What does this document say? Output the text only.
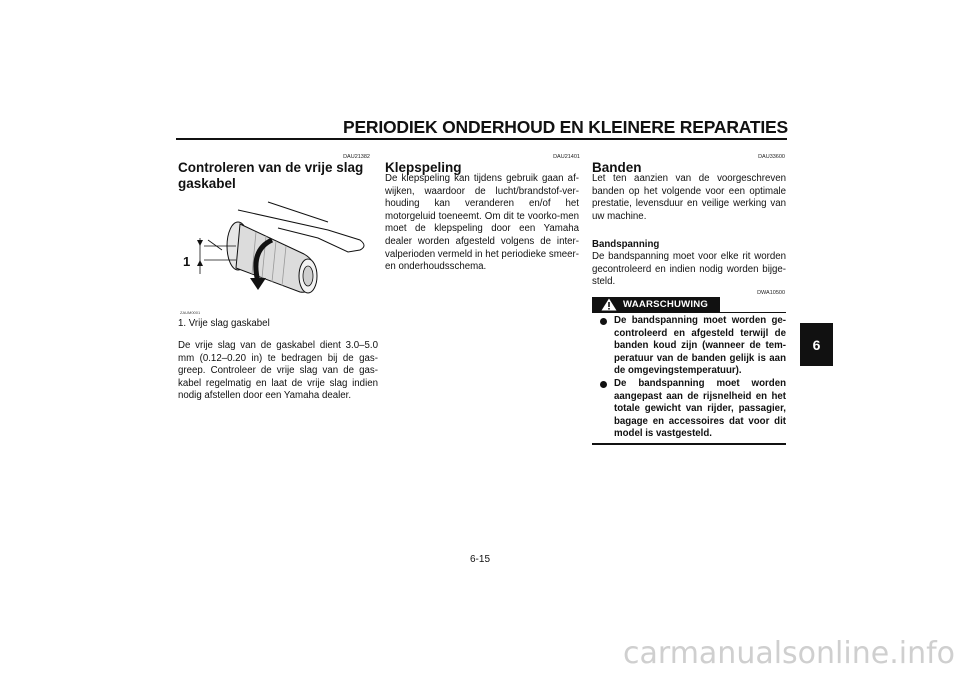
PERIODIEK ONDERHOUD EN KLEINERE REPARATIES
6
DAU21382
Controleren van de vrije slag gaskabel
1
ZAUM0001
1. Vrije slag gaskabel
De vrije slag van de gaskabel dient 3.0–5.0 mm (0.12–0.20 in) te bedragen bij de gas-greep. Controleer de vrije slag van de gas-kabel regelmatig en laat de vrije slag indien nodig afstellen door een Yamaha dealer.
DAU21401
Klepspeling
De klepspeling kan tijdens gebruik gaan af-wijken, waardoor de lucht/brandstof-ver-houding kan veranderen en/of het motorgeluid toeneemt. Om dit te voorko-men moet de klepspeling door een Yamaha dealer worden afgesteld volgens de inter-valperioden vermeld in het periodieke smeer- en onderhoudsschema.
DAU33600
Banden
Let ten aanzien van de voorgeschreven banden op het volgende voor een optimale prestatie, levensduur en veilige werking van uw machine.
Bandspanning
De bandspanning moet voor elke rit worden gecontroleerd en indien nodig worden bijge-steld.
DWA10500
WAARSCHUWING
De bandspanning moet worden ge-controleerd en afgesteld terwijl de banden koud zijn (wanneer de tem-peratuur van de banden gelijk is aan de omgevingstemperatuur).
De bandspanning moet worden aangepast aan de rijsnelheid en het totale gewicht van rijder, passagier, bagage en accessoires dat voor dit model is vastgesteld.
6-15
carmanualsonline.info
